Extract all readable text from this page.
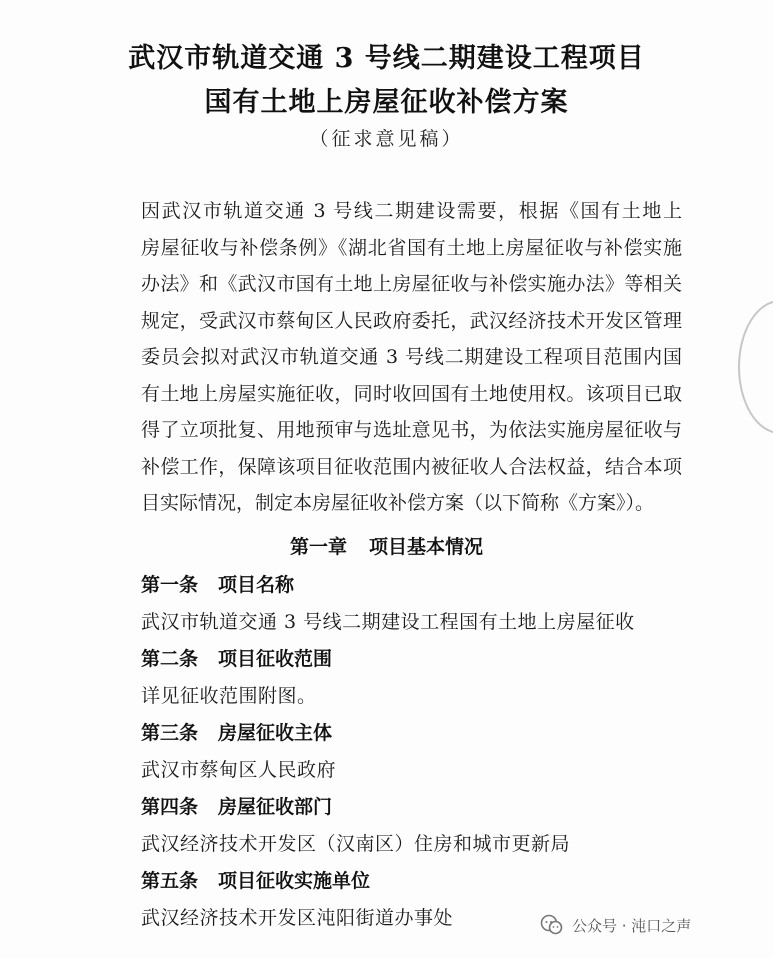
武汉市轨道交通 3 号线二期建设工程项目
国有土地上房屋征收补偿方案
（征求意见稿）
因武汉市轨道交通 3 号线二期建设需要，根据《国有土地上
房屋征收与补偿条例》《湖北省国有土地上房屋征收与补偿实施
办法》和《武汉市国有土地上房屋征收与补偿实施办法》等相关
规定，受武汉市蔡甸区人民政府委托，武汉经济技术开发区管理
委员会拟对武汉市轨道交通 3 号线二期建设工程项目范围内国
有土地上房屋实施征收，同时收回国有土地使用权。该项目已取
得了立项批复、用地预审与选址意见书，为依法实施房屋征收与
补偿工作，保障该项目征收范围内被征收人合法权益，结合本项
目实际情况，制定本房屋征收补偿方案（以下简称《方案》）。
第一章 项目基本情况
第一条 项目名称
武汉市轨道交通 3 号线二期建设工程国有土地上房屋征收
第二条 项目征收范围
详见征收范围附图。
第三条 房屋征收主体
武汉市蔡甸区人民政府
第四条 房屋征收部门
武汉经济技术开发区（汉南区）住房和城市更新局
第五条 项目征收实施单位
武汉经济技术开发区沌阳街道办事处	公众号 · 沌口之声
